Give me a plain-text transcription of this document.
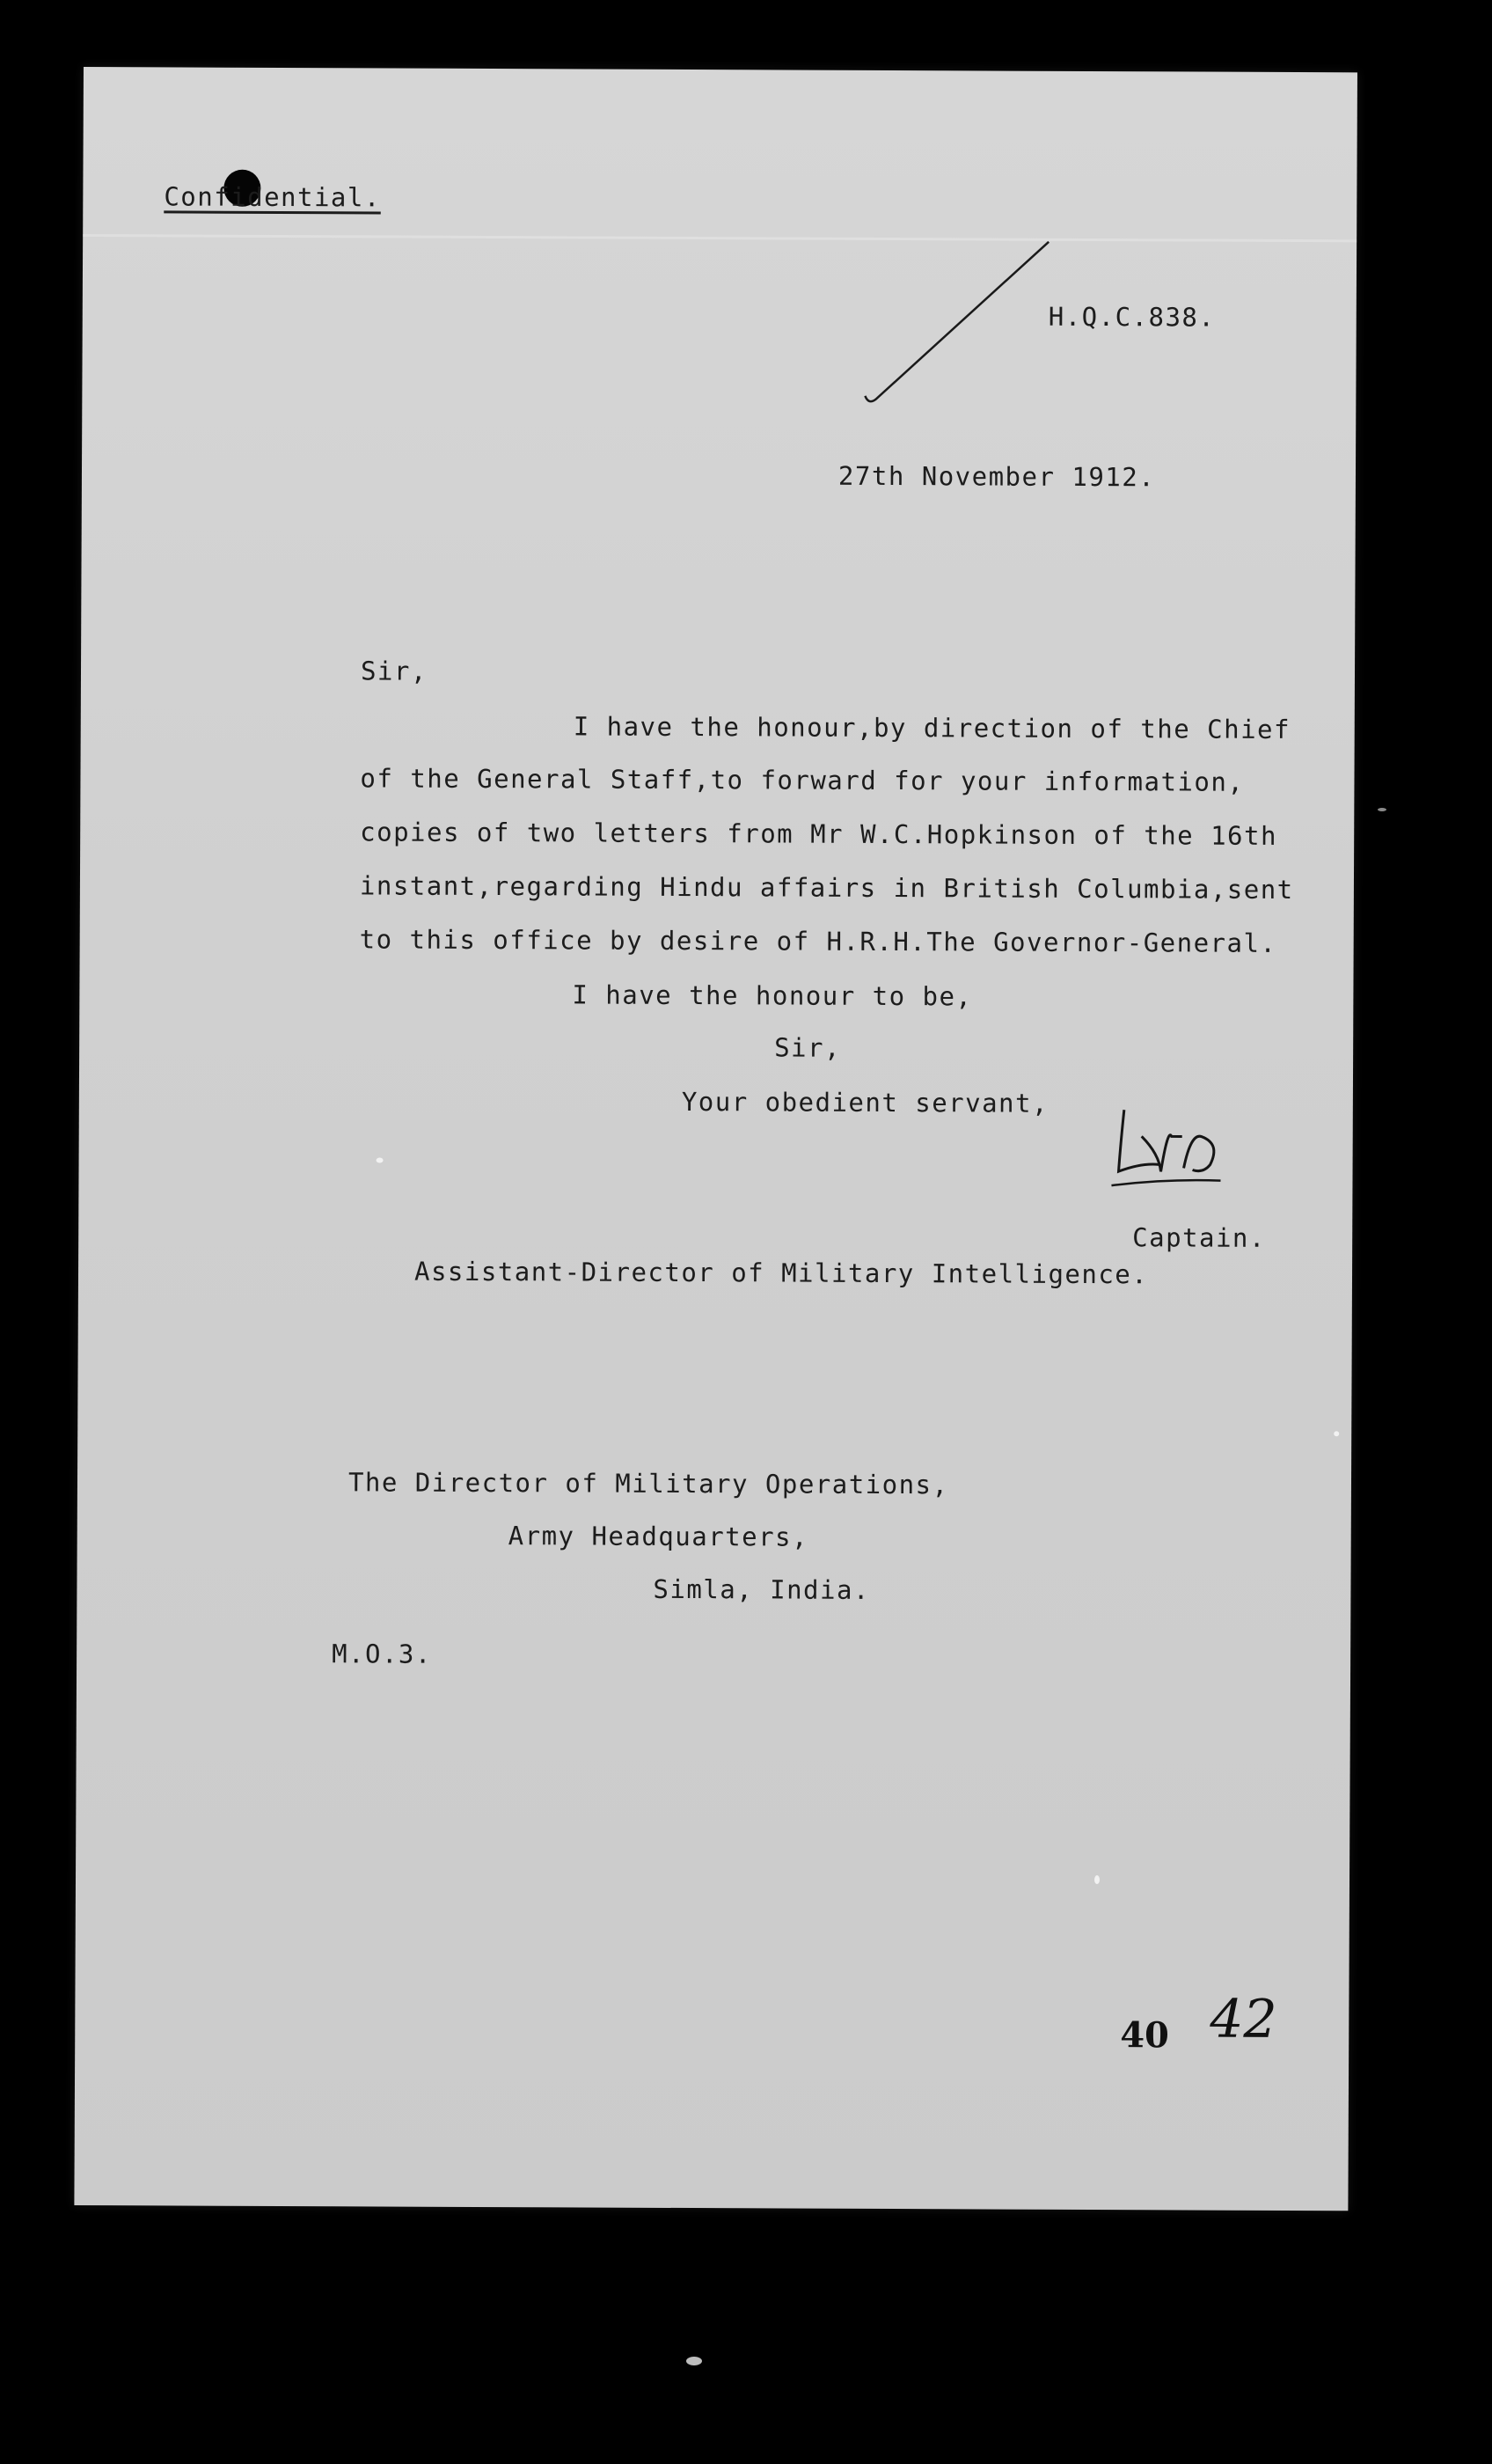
Confidential.
H.Q.C.838.
27th November 1912.
Sir,
I have the honour,by direction of the Chief
of the General Staff,to forward for your information,
copies of two letters from Mr W.C.Hopkinson of the 16th
instant,regarding Hindu affairs in British Columbia,sent
to this office by desire of H.R.H.The Governor-General.
I have the honour to be,
Sir,
Your obedient servant,
Captain.
Assistant-Director of Military Intelligence.
The Director of Military Operations,
Army Headquarters,
Simla, India.
M.O.3.
40 42
